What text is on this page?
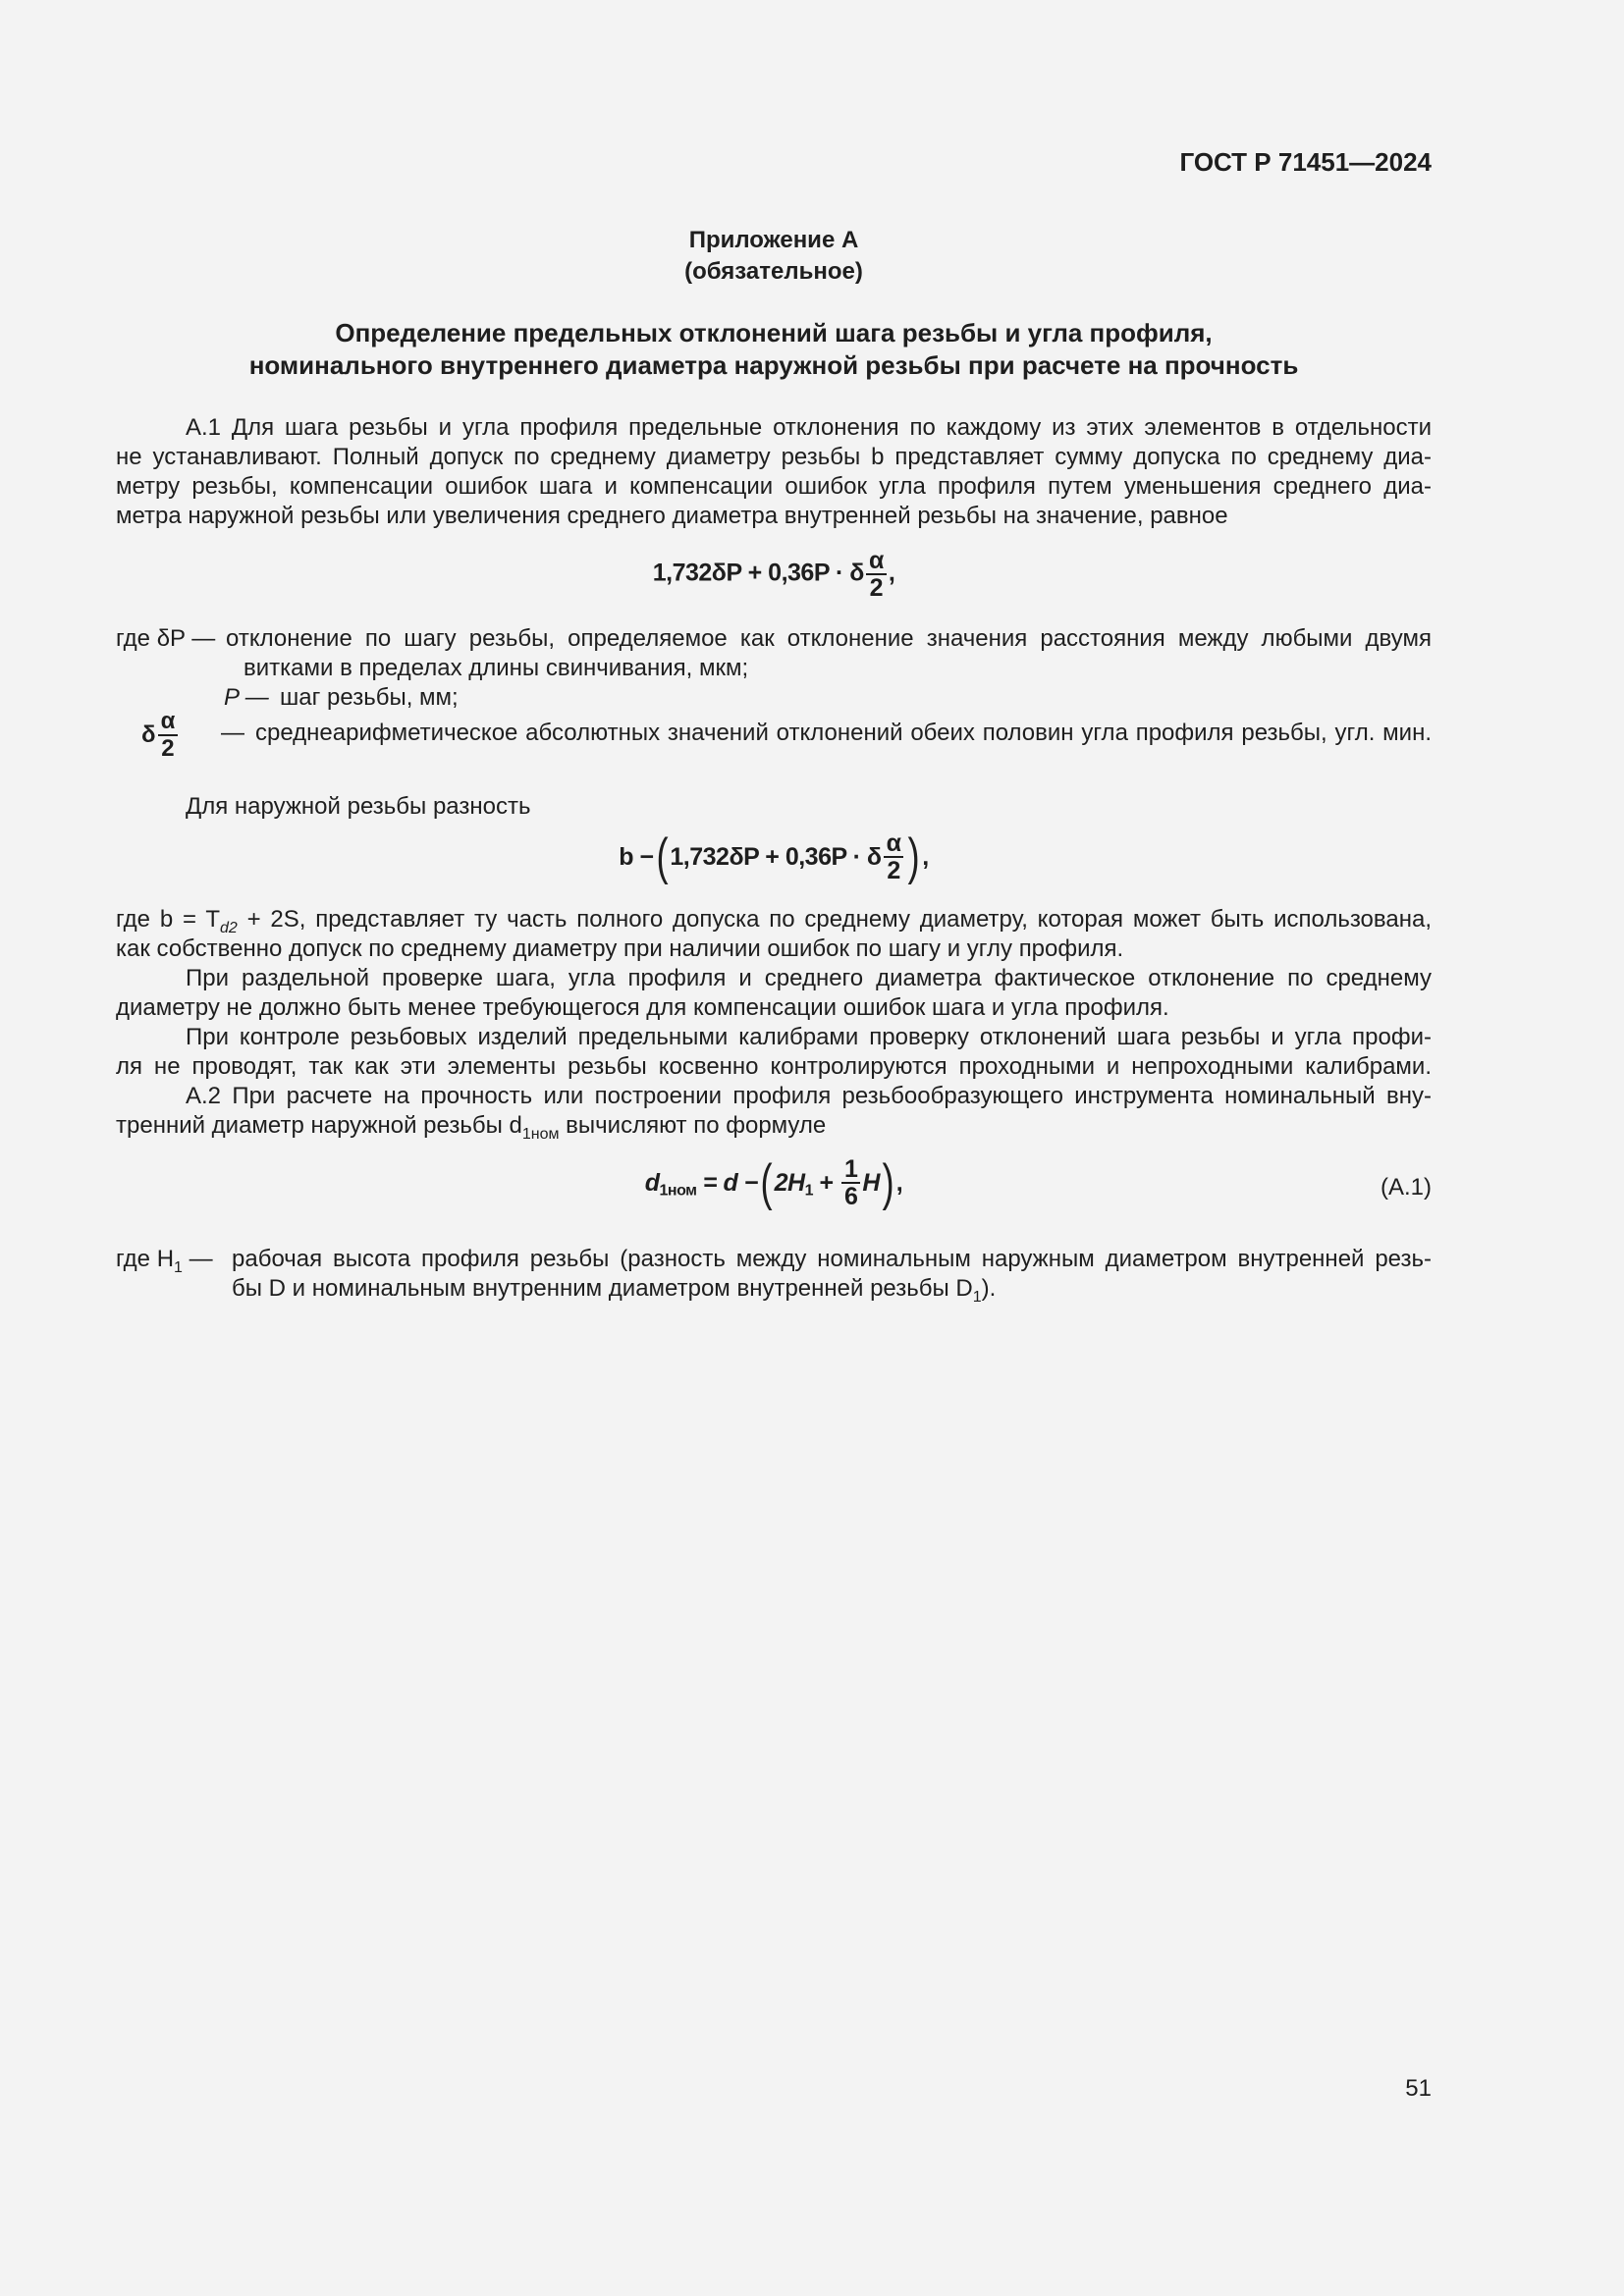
ГОСТ Р 71451—2024
Приложение А
(обязательное)
Определение предельных отклонений шага резьбы и угла профиля,
номинального внутреннего диаметра наружной резьбы при расчете на прочность
А.1 Для шага резьбы и угла профиля предельные отклонения по каждому из этих элементов в отдельности
не устанавливают. Полный допуск по среднему диаметру резьбы b представляет сумму допуска по среднему диа-
метру резьбы, компенсации ошибок шага и компенсации ошибок угла профиля путем уменьшения среднего диа-
метра наружной резьбы или увеличения среднего диаметра внутренней резьбы на значение, равное
1,732δP + 0,36P · δ $\frac{\alpha}{2}$ ,
где δP — отклонение по шагу резьбы, определяемое как отклонение значения расстояния между любыми двумя
витками в пределах длины свинчивания, мкм;
P — шаг резьбы, мм;
δ $\frac{\alpha}{2}$ — среднеарифметическое абсолютных значений отклонений обеих половин угла профиля резьбы, угл. мин.
Для наружной резьбы разность
b −( 1,732δP + 0,36P · δ $\frac{\alpha}{2}$ ) ,
где $b = T_{d2} + 2S$, представляет ту часть полного допуска по среднему диаметру, которая может быть использована,
как собственно допуск по среднему диаметру при наличии ошибок по шагу и углу профиля.
При раздельной проверке шага, угла профиля и среднего диаметра фактическое отклонение по среднему
диаметру не должно быть менее требующегося для компенсации ошибок шага и угла профиля.
При контроле резьбовых изделий предельными калибрами проверку отклонений шага резьбы и угла профи-
ля не проводят, так как эти элементы резьбы косвенно контролируются проходными и непроходными калибрами.
А.2 При расчете на прочность или построении профиля резьбообразующего инструмента номинальный вну-
тренний диаметр наружной резьбы $d_{1ном}$ вычисляют по формуле
$d_{1ном} = d$ −( $2H_1 + \frac{1}{6} H$) ,	(А.1)
где $H_1$ — рабочая высота профиля резьбы (разность между номинальным наружным диаметром внутренней резь-
бы D и номинальным внутренним диаметром внутренней резьбы $D_1$).
51
